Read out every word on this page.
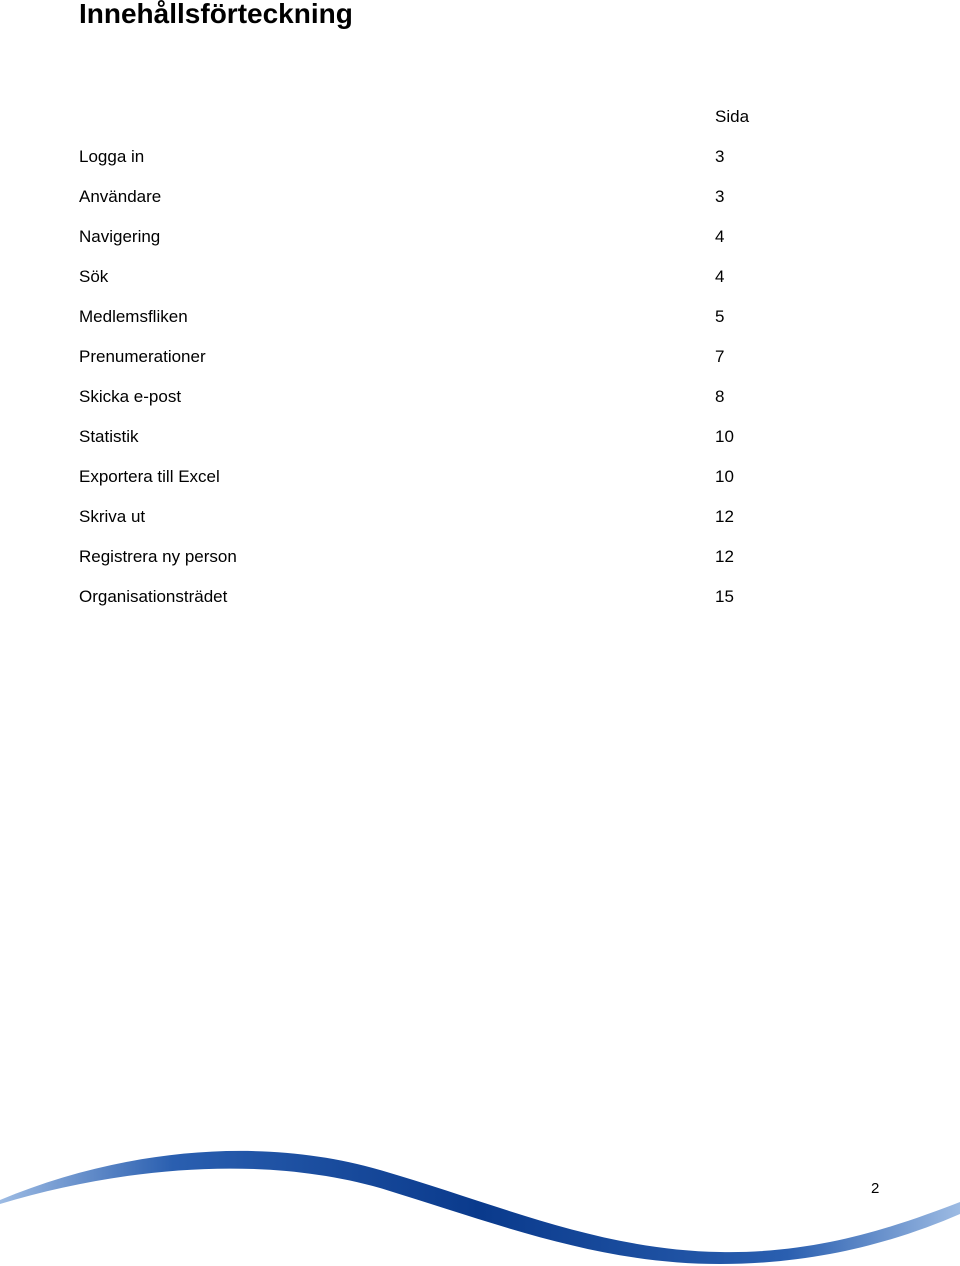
Innehållsförteckning
Sida
Logga in	3
Användare	3
Navigering	4
Sök	4
Medlemsfliken	5
Prenumerationer	7
Skicka e-post	8
Statistik	10
Exportera till Excel	10
Skriva ut	12
Registrera ny person	12
Organisationsträdet	15
2
